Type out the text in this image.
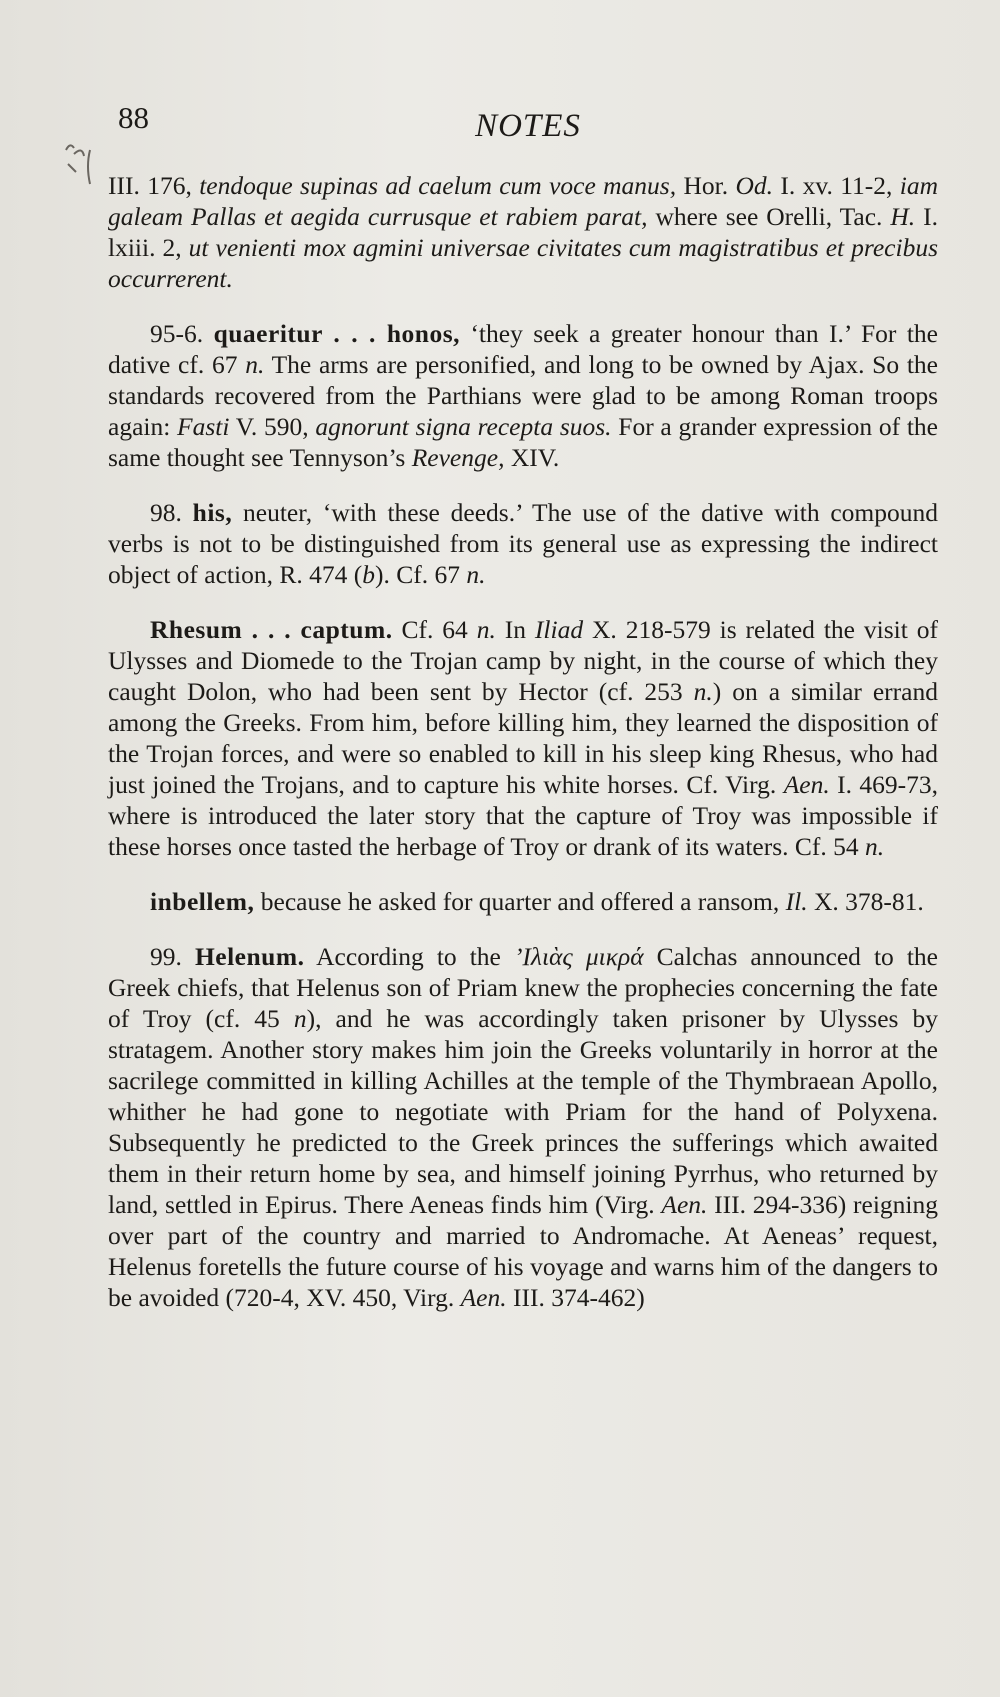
88	NOTES

III. 176, tendoque supinas ad caelum cum voce manus, Hor. Od. I. xv. 11-2, iam galeam Pallas et aegida currusque et rabiem parat, where see Orelli, Tac. H. I. lxiii. 2, ut venienti mox agmini universae civitates cum magistratibus et precibus occurrerent.

95-6. quaeritur . . . honos, ‘they seek a greater honour than I.’ For the dative cf. 67 n. The arms are personified, and long to be owned by Ajax. So the standards recovered from the Parthians were glad to be among Roman troops again: Fasti V. 590, agnorunt signa recepta suos. For a grander expression of the same thought see Tennyson’s Revenge, XIV.

98. his, neuter, ‘with these deeds.’ The use of the dative with compound verbs is not to be distinguished from its general use as expressing the indirect object of action, R. 474 (b). Cf. 67 n.

Rhesum . . . captum. Cf. 64 n. In Iliad X. 218-579 is related the visit of Ulysses and Diomede to the Trojan camp by night, in the course of which they caught Dolon, who had been sent by Hector (cf. 253 n.) on a similar errand among the Greeks. From him, before killing him, they learned the disposition of the Trojan forces, and were so enabled to kill in his sleep king Rhesus, who had just joined the Trojans, and to capture his white horses. Cf. Virg. Aen. I. 469-73, where is introduced the later story that the capture of Troy was impossible if these horses once tasted the herbage of Troy or drank of its waters. Cf. 54 n.

inbellem, because he asked for quarter and offered a ransom, Il. X. 378-81.

99. Helenum. According to the ’Ιλιὰς μικρά Calchas announced to the Greek chiefs, that Helenus son of Priam knew the prophecies concerning the fate of Troy (cf. 45 n), and he was accordingly taken prisoner by Ulysses by stratagem. Another story makes him join the Greeks voluntarily in horror at the sacrilege committed in killing Achilles at the temple of the Thymbraean Apollo, whither he had gone to negotiate with Priam for the hand of Polyxena. Subsequently he predicted to the Greek princes the sufferings which awaited them in their return home by sea, and himself joining Pyrrhus, who returned by land, settled in Epirus. There Aeneas finds him (Virg. Aen. III. 294-336) reigning over part of the country and married to Andromache. At Aeneas’ request, Helenus foretells the future course of his voyage and warns him of the dangers to be avoided (720-4, XV. 450, Virg. Aen. III. 374-462)
